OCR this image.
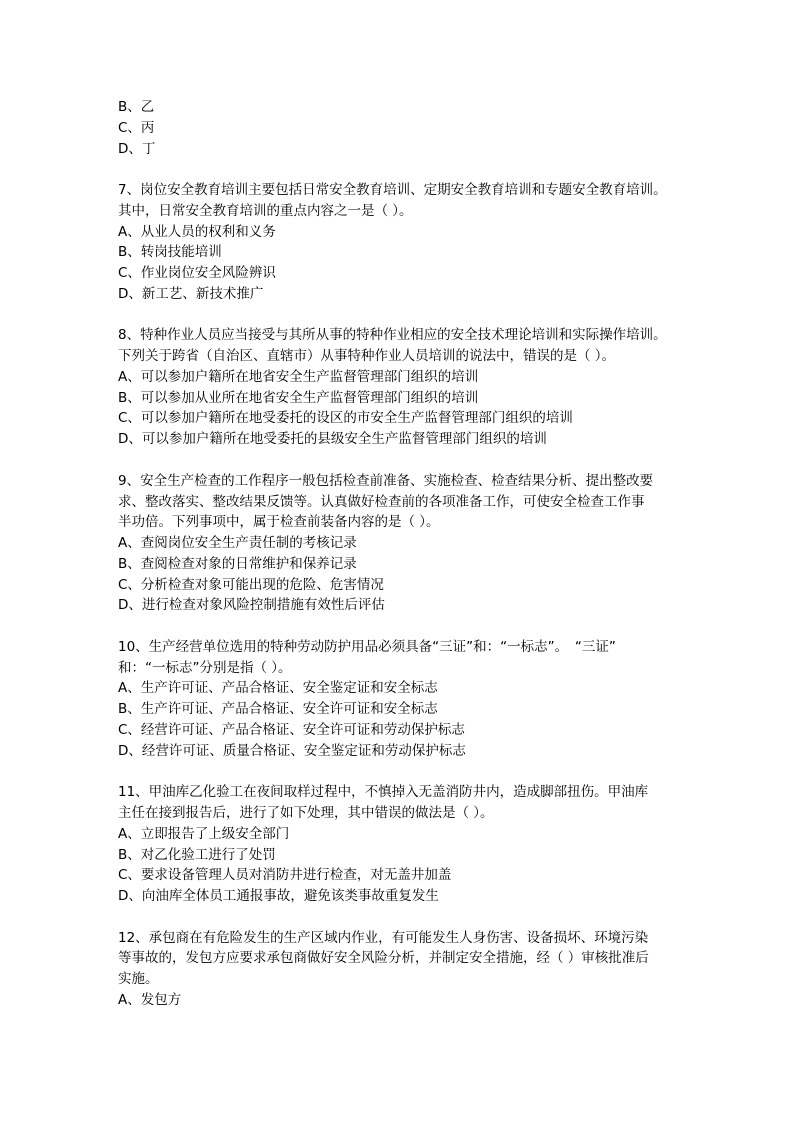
B、乙
C、丙
D、丁
7、岗位安全教育培训主要包括日常安全教育培训、定期安全教育培训和专题安全教育培训。
其中，日常安全教育培训的重点内容之一是（ ）。
A、从业人员的权利和义务
B、转岗技能培训
C、作业岗位安全风险辨识
D、新工艺、新技术推广
8、特种作业人员应当接受与其所从事的特种作业相应的安全技术理论培训和实际操作培训。
下列关于跨省（自治区、直辖市）从事特种作业人员培训的说法中，错误的是（ ）。
A、可以参加户籍所在地省安全生产监督管理部门组织的培训
B、可以参加从业所在地省安全生产监督管理部门组织的培训
C、可以参加户籍所在地受委托的设区的市安全生产监督管理部门组织的培训
D、可以参加户籍所在地受委托的县级安全生产监督管理部门组织的培训
9、安全生产检查的工作程序一般包括检查前准备、实施检查、检查结果分析、提出整改要
求、整改落实、整改结果反馈等。认真做好检查前的各项准备工作，可使安全检查工作事
半功倍。下列事项中，属于检查前装备内容的是（ ）。
A、查阅岗位安全生产责任制的考核记录
B、查阅检查对象的日常维护和保养记录
C、分析检查对象可能出现的危险、危害情况
D、进行检查对象风险控制措施有效性后评估
10、生产经营单位选用的特种劳动防护用品必须具备“三证”和：“一标志”。　“三证”
和：“一标志”分别是指（ ）。
A、生产许可证、产品合格证、安全鉴定证和安全标志
B、生产许可证、产品合格证、安全许可证和安全标志
C、经营许可证、产品合格证、安全许可证和劳动保护标志
D、经营许可证、质量合格证、安全鉴定证和劳动保护标志
11、甲油库乙化验工在夜间取样过程中，不慎掉入无盖消防井内，造成脚部扭伤。甲油库
主任在接到报告后，进行了如下处理，其中错误的做法是（ ）。
A、立即报告了上级安全部门
B、对乙化验工进行了处罚
C、要求设备管理人员对消防井进行检查，对无盖井加盖
D、向油库全体员工通报事故，避免该类事故重复发生
12、承包商在有危险发生的生产区域内作业，有可能发生人身伤害、设备损坏、环境污染
等事故的，发包方应要求承包商做好安全风险分析，并制定安全措施，经（ ）审核批准后
实施。
A、发包方
